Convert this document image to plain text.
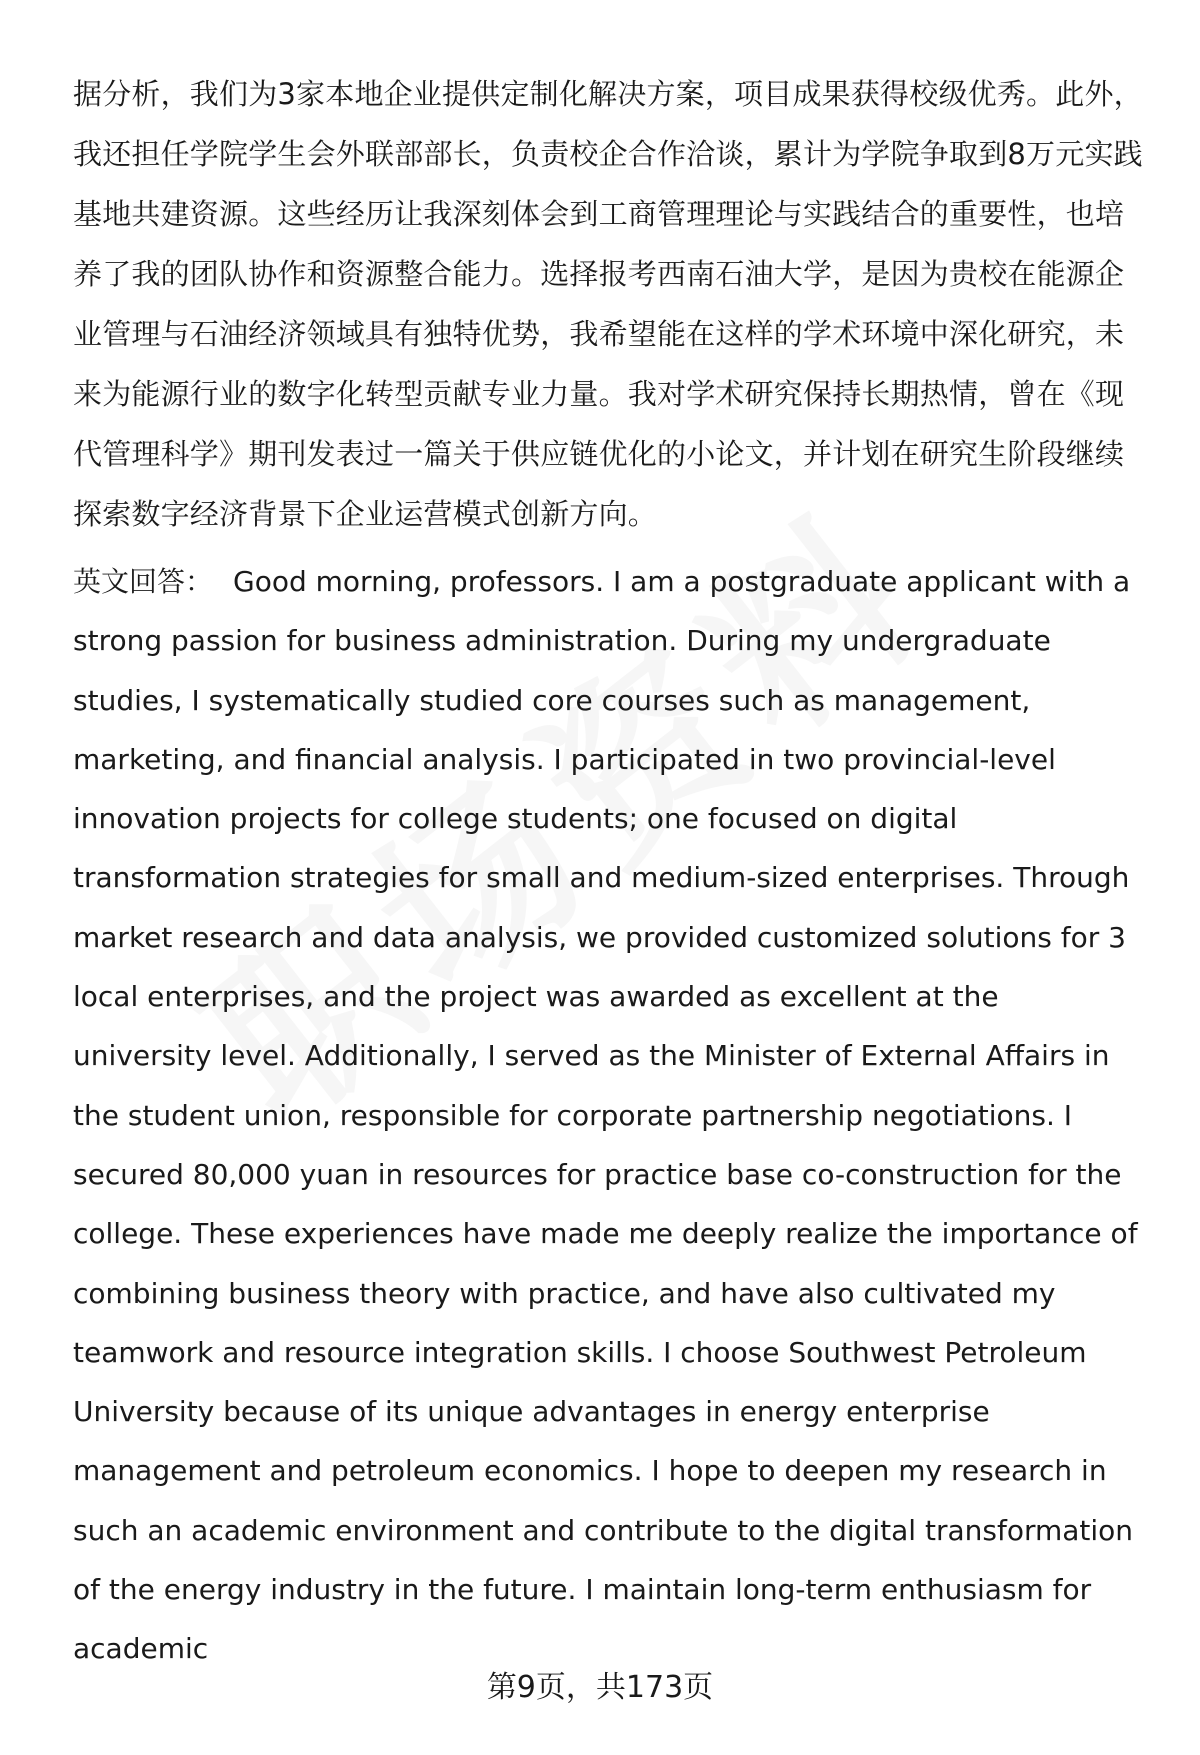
据分析，我们为3家本地企业提供定制化解决方案，项目成果获得校级优秀。此外，我还担任学院学生会外联部部长，负责校企合作洽谈，累计为学院争取到8万元实践基地共建资源。这些经历让我深刻体会到工商管理理论与实践结合的重要性，也培养了我的团队协作和资源整合能力。选择报考西南石油大学，是因为贵校在能源企业管理与石油经济领域具有独特优势，我希望能在这样的学术环境中深化研究，未来为能源行业的数字化转型贡献专业力量。我对学术研究保持长期热情，曾在《现代管理科学》期刊发表过一篇关于供应链优化的小论文，并计划在研究生阶段继续探索数字经济背景下企业运营模式创新方向。

英文回答： Good morning, professors. I am a postgraduate applicant with a strong passion for business administration. During my undergraduate studies, I systematically studied core courses such as management, marketing, and financial analysis. I participated in two provincial-level innovation projects for college students; one focused on digital transformation strategies for small and medium-sized enterprises. Through market research and data analysis, we provided customized solutions for 3 local enterprises, and the project was awarded as excellent at the university level. Additionally, I served as the Minister of External Affairs in the student union, responsible for corporate partnership negotiations. I secured 80,000 yuan in resources for practice base co-construction for the college. These experiences have made me deeply realize the importance of combining business theory with practice, and have also cultivated my teamwork and resource integration skills. I choose Southwest Petroleum University because of its unique advantages in energy enterprise management and petroleum economics. I hope to deepen my research in such an academic environment and contribute to the digital transformation of the energy industry in the future. I maintain long-term enthusiasm for academic

第9页，共173页
